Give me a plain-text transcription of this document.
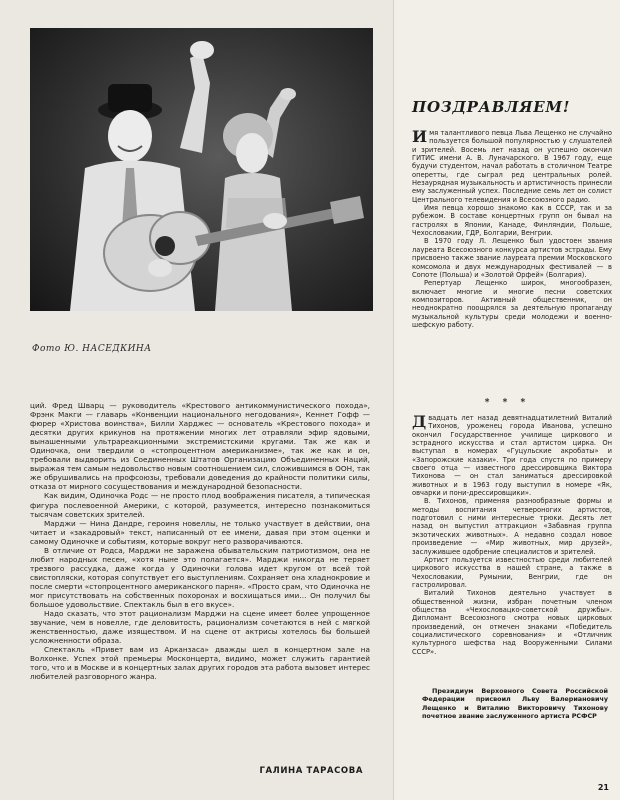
Фото Ю. НАСЕДКИНА

ций. Фред Шварц — руководитель «Крестового антикоммунистического похода», Фрэнк Макги — главарь «Конвенции национального негодования», Кеннет Гофф — фюрер «Христова воинства», Билли Харджес — основатель «Крестового похода» и десятки других крикунов на протяжении многих лет отравляли эфир ядовыми, вынашенными ультрареакционными экстремистскими кругами. Так же как и Одиночка, они твердили о «стопроцентном американизме», так же как и он, требовали выдворить из Соединенных Штатов Организацию Объединенных Наций, выражая тем самым недовольство новым соотношением сил, сложившимся в ООН, так же обрушивались на профсоюзы, требовали доведения до крайности политики силы, отказа от мирного сосуществования и международной безопасности.

Как видим, Одиночка Родс — не просто плод воображения писателя, а типическая фигура послевоенной Америки, с которой, разумеется, интересно познакомиться тысячам советских зрителей.

Марджи — Нина Дандре, героиня новеллы, не только участвует в действии, она читает и «закадровый» текст, написанный от ее имени, давая при этом оценки и самому Одиночке и событиям, которые вокруг него разворачиваются.

В отличие от Родса, Марджи не заражена обывательским патриотизмом, она не любит народных песен, «хотя ныне это полагается». Марджи никогда не теряет трезвого рассудка, даже когда у Одиночки голова идет кругом от всей той свистопляски, которая сопутствует его выступлениям. Сохраняет она хладнокровие и после смерти «стопроцентного американского парня». «Просто срам, что Одиночка не мог присутствовать на собственных похоронах и восхищаться ими… Он получил бы большое удовольствие. Спектакль был в его вкусе».

Надо сказать, что этот рационализм Марджи на сцене имеет более упрощенное звучание, чем в новелле, где деловитость, рационализм сочетаются в ней с мягкой женственностью, даже изяществом. И на сцене от актрисы хотелось бы большей усложненности образа.

Спектакль «Привет вам из Арканзаса» дважды шел в концертном зале на Волхонке. Успех этой премьеры Москонцерта, видимо, может служить гарантией того, что и в Москве и в концертных залах других городов эта работа вызовет интерес любителей разговорного жанра.

ГАЛИНА ТАРАСОВА
ПОЗДРАВЛЯЕМ!

Имя талантливого певца Льва Лещенко не случайно пользуется большой популярностью у слушателей и зрителей. Восемь лет назад он успешно окончил ГИТИС имени А. В. Луначарского. В 1967 году, еще будучи студентом, начал работать в столичном Театре оперетты, где сыграл ред центральных ролей. Незаурядная музыкальность и артистичность принесли ему заслуженный успех. Последние семь лет он солист Центрального телевидения и Всесоюзного радио.

Имя певца хорошо знакомо как в СССР, так и за рубежом. В составе концертных групп он бывал на гастролях в Японии, Канаде, Финляндии, Польше, Чехословакии, ГДР, Болгарии, Венгрии.

В 1970 году Л. Лещенко был удостоен звания лауреата Всесоюзного конкурса артистов эстрады. Ему присвоено также звание лауреата премии Московского комсомола и двух международных фестивалей — в Сопоте (Польша) и «Золотой Орфей» (Болгария).

Репертуар Лещенко широк, многообразен, включает многие и многие песни советских композиторов. Активный общественник, он неоднократно поощрялся за деятельную пропаганду музыкальной культуры среди молодежи и военно-шефскую работу.

* * *

Двадцать лет назад девятнадцатилетний Виталий Тихонов, уроженец города Иванова, успешно окончил Государственное училище циркового и эстрадного искусства и стал артистом цирка. Он выступал в номерах «Гуцульские акробаты» и «Запорожские казаки». Три года спустя по примеру своего отца — известного дрессировщика Виктора Тихонова — он стал заниматься дрессировкой животных и в 1963 году выступил в номере «Як, овчарки и пони-дрессировщики».

В. Тихонов, применяя разнообразные формы и методы воспитания четвероногих артистов, подготовил с ними интересные трюки. Десять лет назад он выпустил аттракцион «Забавная группа экзотических животных». А недавно создал новое произведение — «Мир животных, мир друзей», заслужившее одобрение специалистов и зрителей.

Артист пользуется известностью среди любителей циркового искусства в нашей стране, а также в Чехословакии, Румынии, Венгрии, где он гастролировал.

Виталий Тихонов деятельно участвует в общественной жизни, избран почетным членом общества «Чехословацко-советской дружбы». Дипломант Всесоюзного смотра новых цирковых произведений, он отмечен знаками «Победитель социалистического соревнования» и «Отличник культурного шефства над Вооруженными Силами СССР».

Президиум Верховного Совета Российской Федерации присвоил Льву Валериановичу Лещенко и Виталию Викторовичу Тихонову почетное звание заслуженного артиста РСФСР
21
